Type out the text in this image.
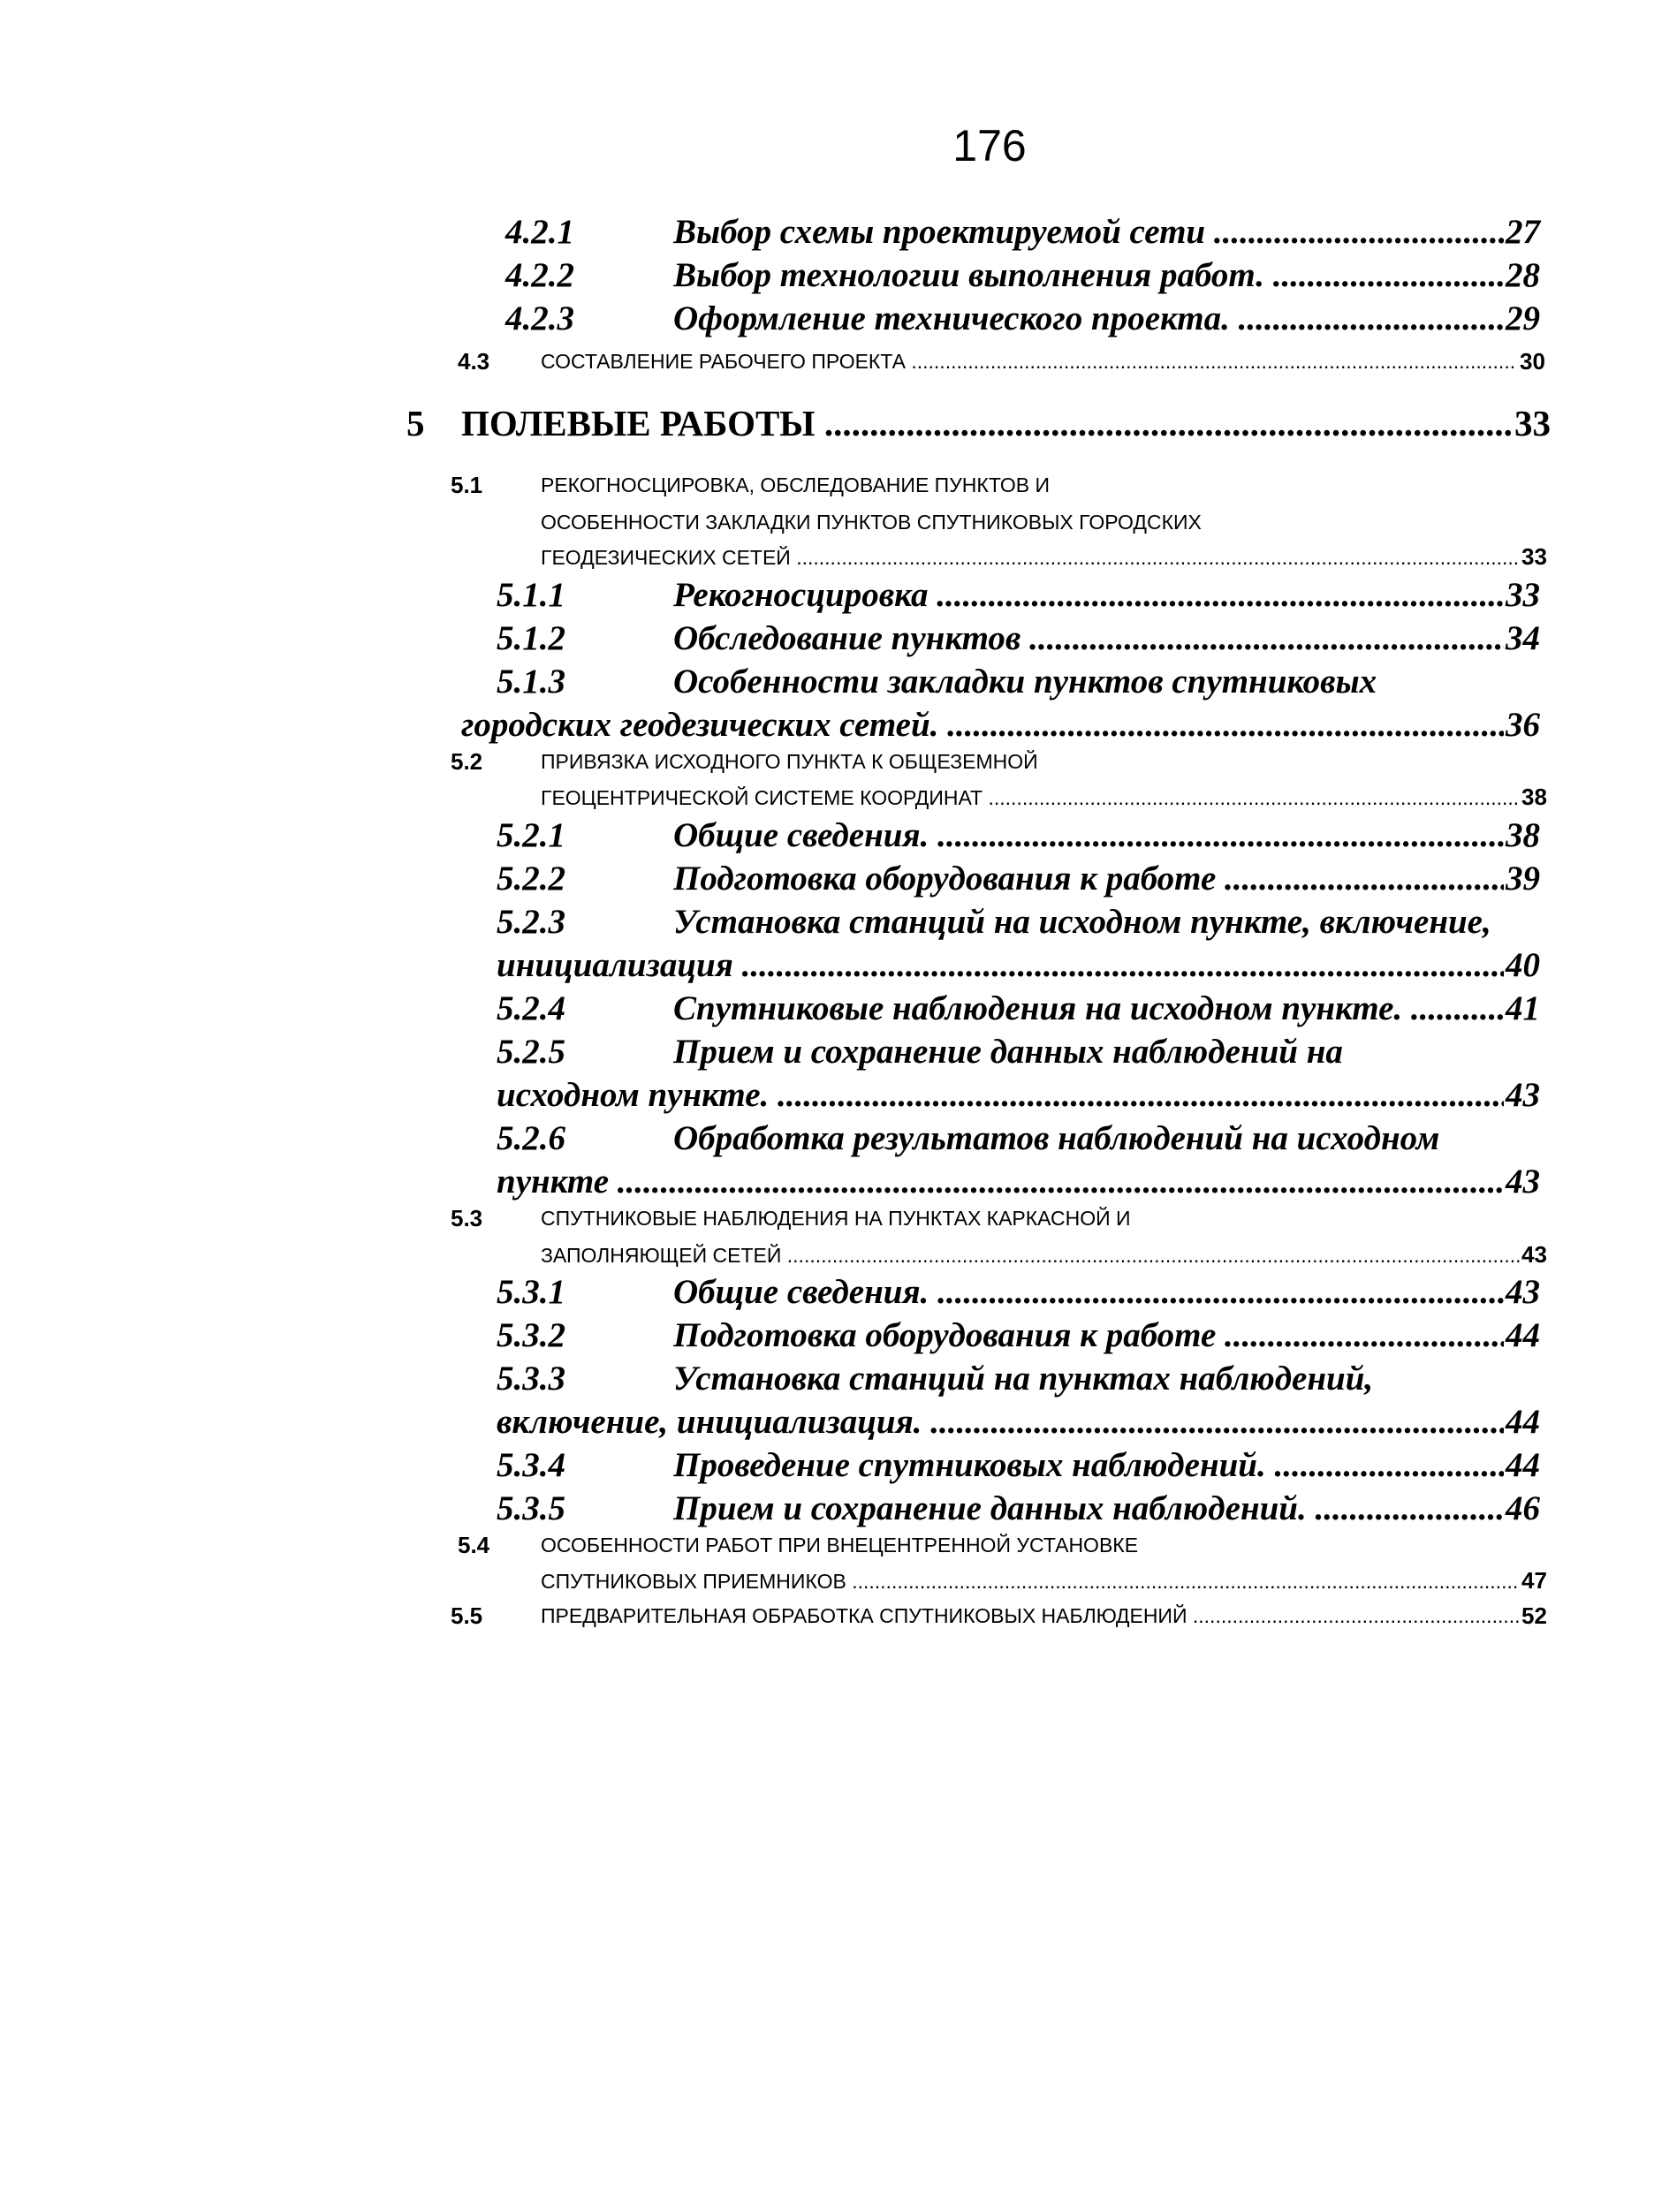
176
4.2.1	Выбор схемы проектируемой сети .....	27
4.2.2	Выбор технологии выполнения работ. .....	28
4.2.3	Оформление технического проекта. .....	29
4.3	СОСТАВЛЕНИЕ РАБОЧЕГО ПРОЕКТА .....	30
5 ПОЛЕВЫЕ РАБОТЫ .....	33
5.1	РЕКОГНОСЦИРОВКА, ОБСЛЕДОВАНИЕ ПУНКТОВ И
ОСОБЕННОСТИ ЗАКЛАДКИ ПУНКТОВ СПУТНИКОВЫХ ГОРОДСКИХ
ГЕОДЕЗИЧЕСКИХ СЕТЕЙ .....	33
5.1.1	Рекогносцировка .....	33
5.1.2	Обследование пунктов .....	34
5.1.3	Особенности закладки пунктов спутниковых
городских геодезических сетей. .....	36
5.2	ПРИВЯЗКА ИСХОДНОГО ПУНКТА К ОБЩЕЗЕМНОЙ
ГЕОЦЕНТРИЧЕСКОЙ СИСТЕМЕ КООРДИНАТ .....	38
5.2.1	Общие сведения. .....	38
5.2.2	Подготовка оборудования к работе .....	39
5.2.3	Установка станций на исходном пункте, включение,
инициализация .....	40
5.2.4	Спутниковые наблюдения на исходном пункте. .....	41
5.2.5	Прием и сохранение данных наблюдений на
исходном пункте. .....	43
5.2.6	Обработка результатов наблюдений на исходном
пункте .....	43
5.3	СПУТНИКОВЫЕ НАБЛЮДЕНИЯ НА ПУНКТАХ КАРКАСНОЙ И
ЗАПОЛНЯЮЩЕЙ СЕТЕЙ .....	43
5.3.1	Общие сведения. .....	43
5.3.2	Подготовка оборудования к работе .....	44
5.3.3	Установка станций на пунктах наблюдений,
включение, инициализация. .....	44
5.3.4	Проведение спутниковых наблюдений. .....	44
5.3.5	Прием и сохранение данных наблюдений. .....	46
5.4	ОСОБЕННОСТИ РАБОТ ПРИ ВНЕЦЕНТРЕННОЙ УСТАНОВКЕ
СПУТНИКОВЫХ ПРИЕМНИКОВ .....	47
5.5	ПРЕДВАРИТЕЛЬНАЯ ОБРАБОТКА СПУТНИКОВЫХ НАБЛЮДЕНИЙ .....	52
